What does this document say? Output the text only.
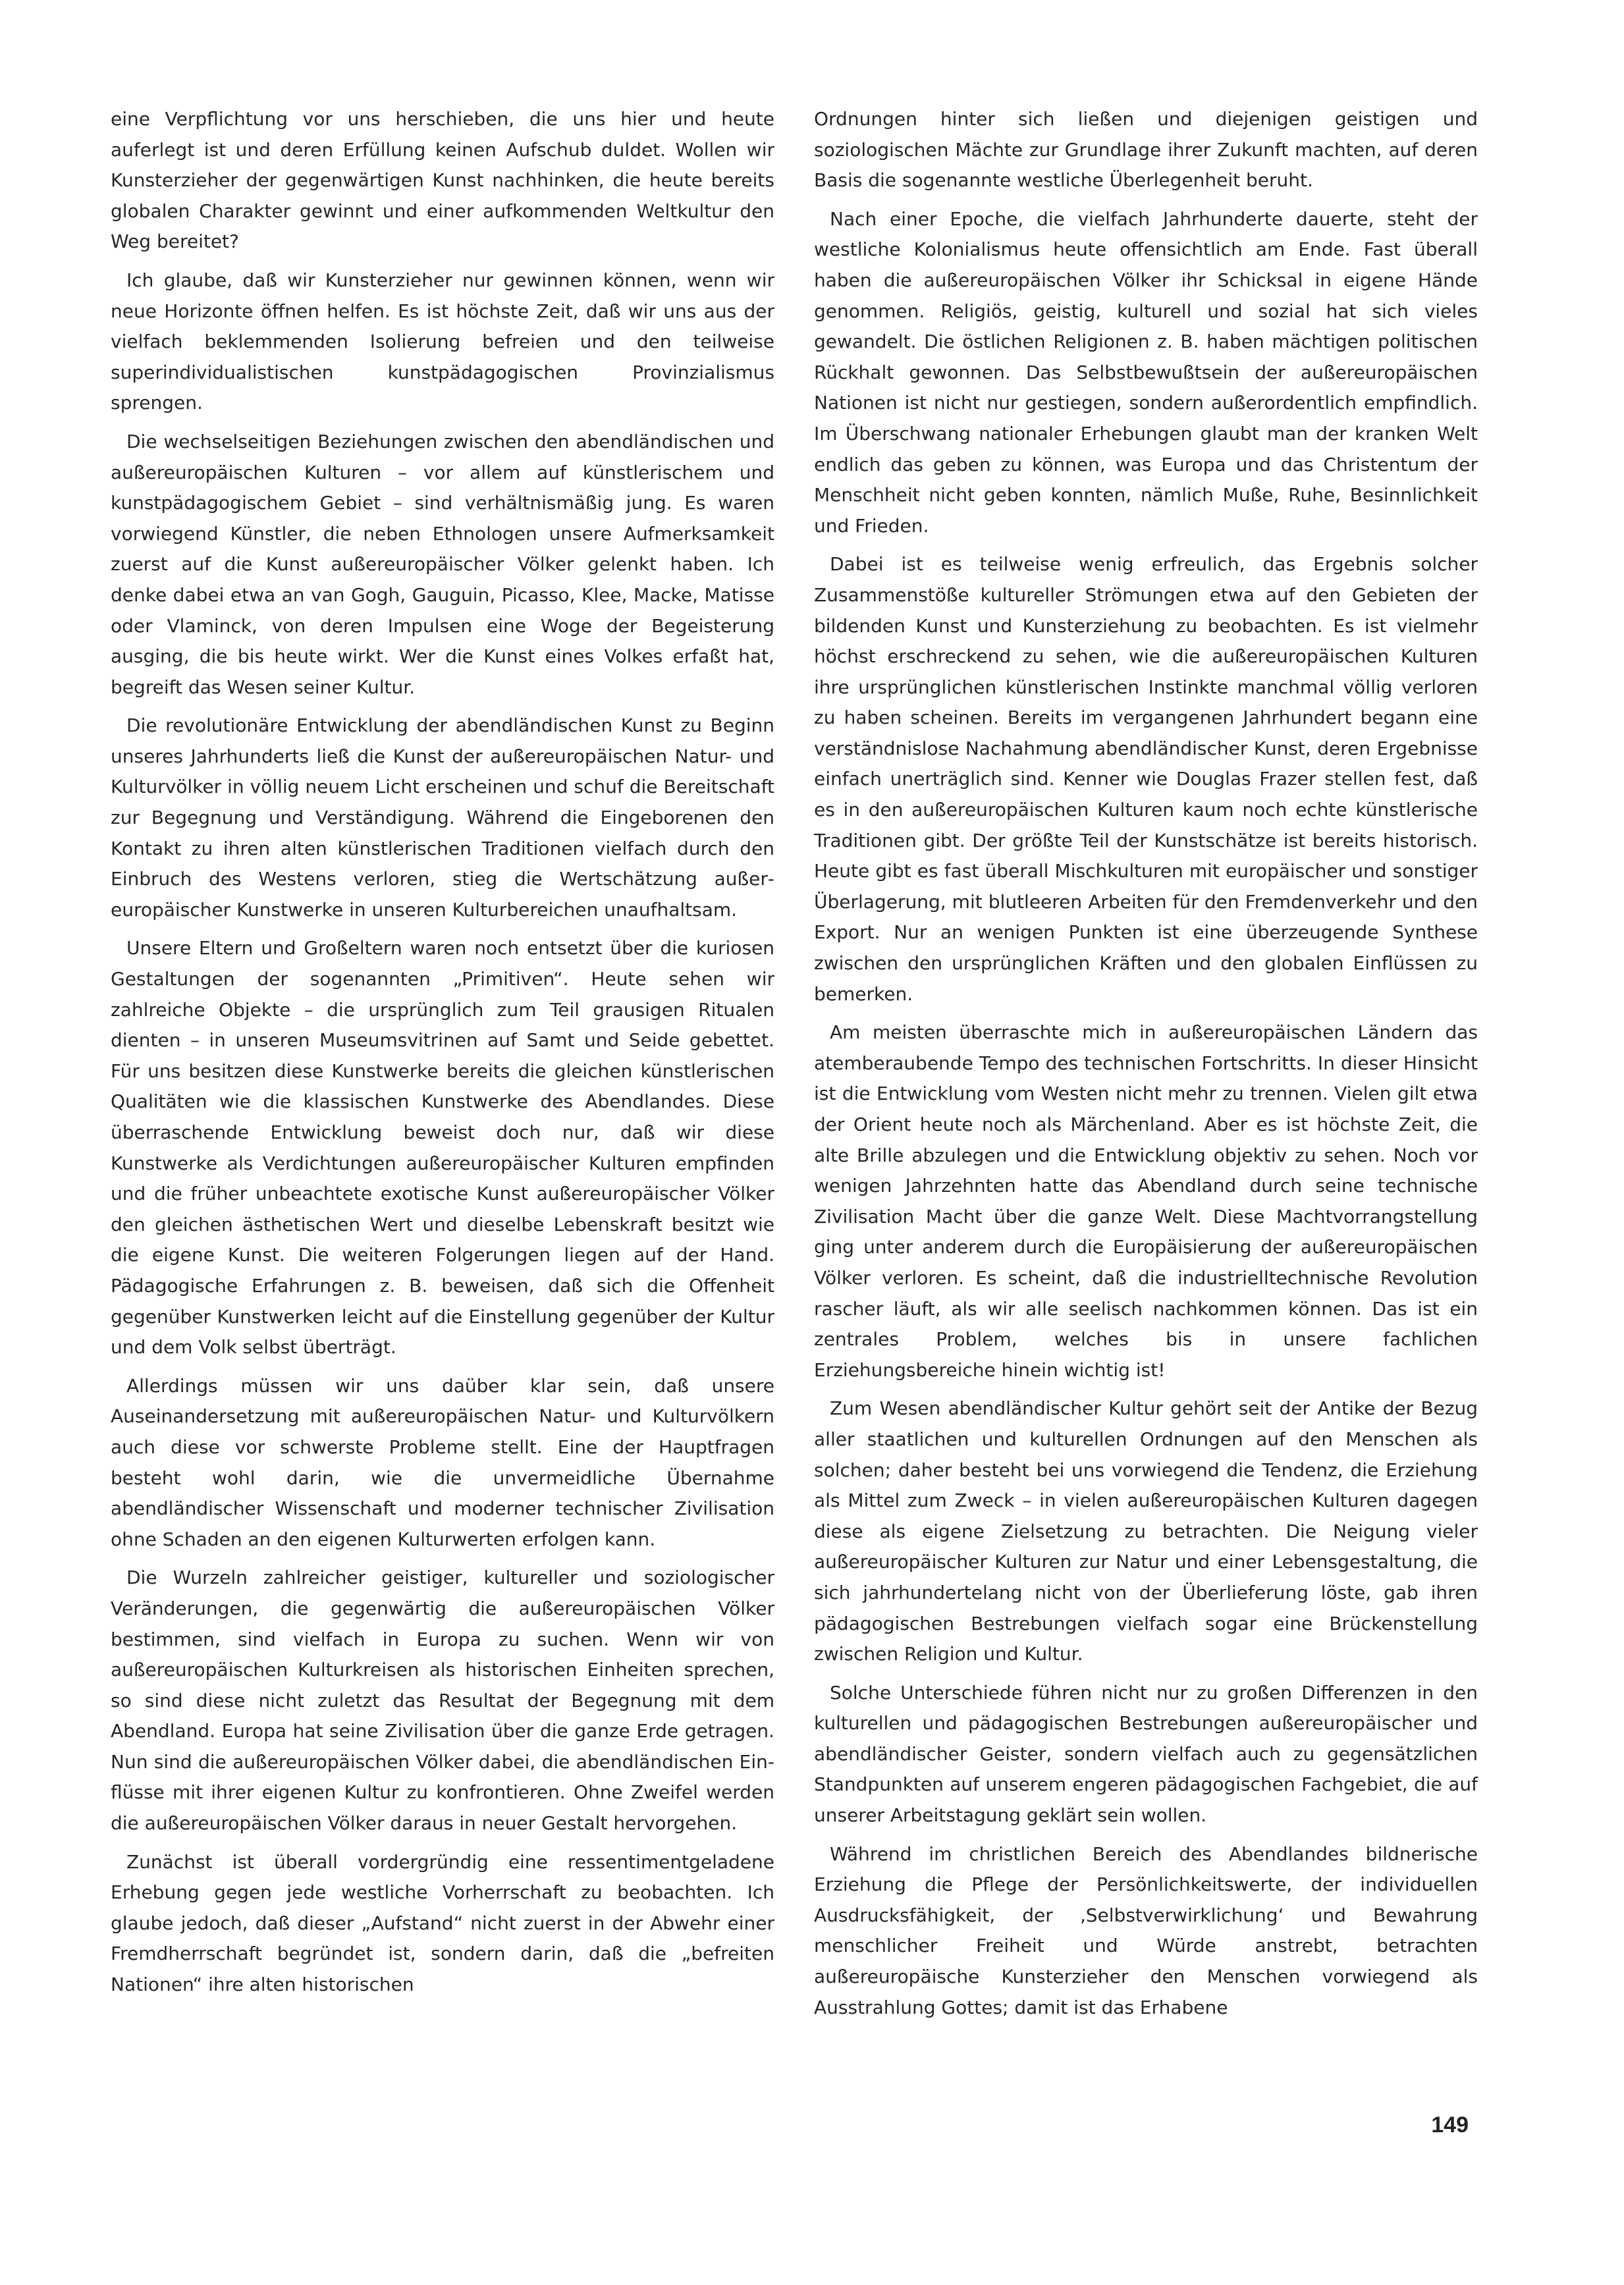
eine Verpflichtung vor uns herschieben, die uns hier und heute auferlegt ist und deren Erfüllung keinen Aufschub duldet. Wollen wir Kunsterzieher der gegenwärtigen Kunst nachhinken, die heute bereits globalen Charakter gewinnt und einer aufkommenden Weltkultur den Weg bereitet?

Ich glaube, daß wir Kunsterzieher nur gewinnen können, wenn wir neue Horizonte öffnen helfen. Es ist höchste Zeit, daß wir uns aus der vielfach beklemmenden Isolierung befreien und den teilweise superindividualistischen kunstpädagogischen Provinzialismus sprengen.

Die wechselseitigen Beziehungen zwischen den abendländischen und außereuropäischen Kulturen – vor allem auf künstlerischem und kunstpädagogischem Gebiet – sind verhältnismäßig jung. Es waren vorwiegend Künstler, die neben Ethnologen unsere Aufmerksamkeit zuerst auf die Kunst außereuropäischer Völker gelenkt haben. Ich denke dabei etwa an van Gogh, Gauguin, Picasso, Klee, Macke, Matisse oder Vlaminck, von deren Impulsen eine Woge der Begeisterung ausging, die bis heute wirkt. Wer die Kunst eines Volkes erfaßt hat, begreift das Wesen seiner Kultur.

Die revolutionäre Entwicklung der abendländischen Kunst zu Beginn unseres Jahrhunderts ließ die Kunst der außereuropäischen Natur- und Kulturvölker in völlig neuem Licht erscheinen und schuf die Bereitschaft zur Begegnung und Verständigung. Während die Eingeborenen den Kontakt zu ihren alten künstlerischen Traditionen vielfach durch den Einbruch des Westens verloren, stieg die Wertschätzung außereuropäischer Kunstwerke in unseren Kulturbereichen unaufhaltsam.

Unsere Eltern und Großeltern waren noch entsetzt über die kuriosen Gestaltungen der sogenannten „Primitiven“. Heute sehen wir zahlreiche Objekte – die ursprünglich zum Teil grausigen Ritualen dienten – in unseren Museumsvitrinen auf Samt und Seide gebettet. Für uns besitzen diese Kunstwerke bereits die gleichen künstlerischen Qualitäten wie die klassischen Kunstwerke des Abendlandes. Diese überraschende Entwicklung beweist doch nur, daß wir diese Kunstwerke als Verdichtungen außereuropäischer Kulturen empfinden und die früher unbeachtete exotische Kunst außereuropäischer Völker den gleichen ästhetischen Wert und dieselbe Lebenskraft besitzt wie die eigene Kunst. Die weiteren Folgerungen liegen auf der Hand. Pädagogische Erfahrungen z. B. beweisen, daß sich die Offenheit gegenüber Kunstwerken leicht auf die Einstellung gegenüber der Kultur und dem Volk selbst überträgt.

Allerdings müssen wir uns daüber klar sein, daß unsere Auseinandersetzung mit außereuropäischen Natur- und Kulturvölkern auch diese vor schwerste Probleme stellt. Eine der Hauptfragen besteht wohl darin, wie die unvermeidliche Übernahme abendländischer Wissenschaft und moderner technischer Zivilisation ohne Schaden an den eigenen Kulturwerten erfolgen kann.

Die Wurzeln zahlreicher geistiger, kultureller und soziologischer Veränderungen, die gegenwärtig die außereuropäischen Völker bestimmen, sind vielfach in Europa zu suchen. Wenn wir von außereuropäischen Kulturkreisen als historischen Einheiten sprechen, so sind diese nicht zuletzt das Resultat der Begegnung mit dem Abendland. Europa hat seine Zivilisation über die ganze Erde getragen. Nun sind die außereuropäischen Völker dabei, die abendländischen Einflüsse mit ihrer eigenen Kultur zu konfrontieren. Ohne Zweifel werden die außereuropäischen Völker daraus in neuer Gestalt hervorgehen.

Zunächst ist überall vordergründig eine ressentimentgeladene Erhebung gegen jede westliche Vorherrschaft zu beobachten. Ich glaube jedoch, daß dieser „Aufstand“ nicht zuerst in der Abwehr einer Fremdherrschaft begründet ist, sondern darin, daß die „befreiten Nationen“ ihre alten historischen

Ordnungen hinter sich ließen und diejenigen geistigen und soziologischen Mächte zur Grundlage ihrer Zukunft machten, auf deren Basis die sogenannte westliche Überlegenheit beruht.

Nach einer Epoche, die vielfach Jahrhunderte dauerte, steht der westliche Kolonialismus heute offensichtlich am Ende. Fast überall haben die außereuropäischen Völker ihr Schicksal in eigene Hände genommen. Religiös, geistig, kulturell und sozial hat sich vieles gewandelt. Die östlichen Religionen z. B. haben mächtigen politischen Rückhalt gewonnen. Das Selbstbewußtsein der außereuropäischen Nationen ist nicht nur gestiegen, sondern außerordentlich empfindlich. Im Überschwang nationaler Erhebungen glaubt man der kranken Welt endlich das geben zu können, was Europa und das Christentum der Menschheit nicht geben konnten, nämlich Muße, Ruhe, Besinnlichkeit und Frieden.

Dabei ist es teilweise wenig erfreulich, das Ergebnis solcher Zusammenstöße kultureller Strömungen etwa auf den Gebieten der bildenden Kunst und Kunsterziehung zu beobachten. Es ist vielmehr höchst erschreckend zu sehen, wie die außereuropäischen Kulturen ihre ursprünglichen künstlerischen Instinkte manchmal völlig verloren zu haben scheinen. Bereits im vergangenen Jahrhundert begann eine verständnislose Nachahmung abendländischer Kunst, deren Ergebnisse einfach unerträglich sind. Kenner wie Douglas Frazer stellen fest, daß es in den außereuropäischen Kulturen kaum noch echte künstlerische Traditionen gibt. Der größte Teil der Kunstschätze ist bereits historisch. Heute gibt es fast überall Mischkulturen mit europäischer und sonstiger Überlagerung, mit blutleeren Arbeiten für den Fremdenverkehr und den Export. Nur an wenigen Punkten ist eine überzeugende Synthese zwischen den ursprünglichen Kräften und den globalen Einflüssen zu bemerken.

Am meisten überraschte mich in außereuropäischen Ländern das atemberaubende Tempo des technischen Fortschritts. In dieser Hinsicht ist die Entwicklung vom Westen nicht mehr zu trennen. Vielen gilt etwa der Orient heute noch als Märchenland. Aber es ist höchste Zeit, die alte Brille abzulegen und die Entwicklung objektiv zu sehen. Noch vor wenigen Jahrzehnten hatte das Abendland durch seine technische Zivilisation Macht über die ganze Welt. Diese Machtvorrangstellung ging unter anderem durch die Europäisierung der außereuropäischen Völker verloren. Es scheint, daß die industrielltechnische Revolution rascher läuft, als wir alle seelisch nachkommen können. Das ist ein zentrales Problem, welches bis in unsere fachlichen Erziehungsbereiche hinein wichtig ist!

Zum Wesen abendländischer Kultur gehört seit der Antike der Bezug aller staatlichen und kulturellen Ordnungen auf den Menschen als solchen; daher besteht bei uns vorwiegend die Tendenz, die Erziehung als Mittel zum Zweck – in vielen außereuropäischen Kulturen dagegen diese als eigene Zielsetzung zu betrachten. Die Neigung vieler außereuropäischer Kulturen zur Natur und einer Lebensgestaltung, die sich jahrhundertelang nicht von der Überlieferung löste, gab ihren pädagogischen Bestrebungen vielfach sogar eine Brückenstellung zwischen Religion und Kultur.

Solche Unterschiede führen nicht nur zu großen Differenzen in den kulturellen und pädagogischen Bestrebungen außereuropäischer und abendländischer Geister, sondern vielfach auch zu gegensätzlichen Standpunkten auf unserem engeren pädagogischen Fachgebiet, die auf unserer Arbeitstagung geklärt sein wollen.

Während im christlichen Bereich des Abendlandes bildnerische Erziehung die Pflege der Persönlichkeitswerte, der individuellen Ausdrucksfähigkeit, der ‚Selbstverwirklichung‘ und Bewahrung menschlicher Freiheit und Würde anstrebt, betrachten außereuropäische Kunsterzieher den Menschen vorwiegend als Ausstrahlung Gottes; damit ist das Erhabene

149
